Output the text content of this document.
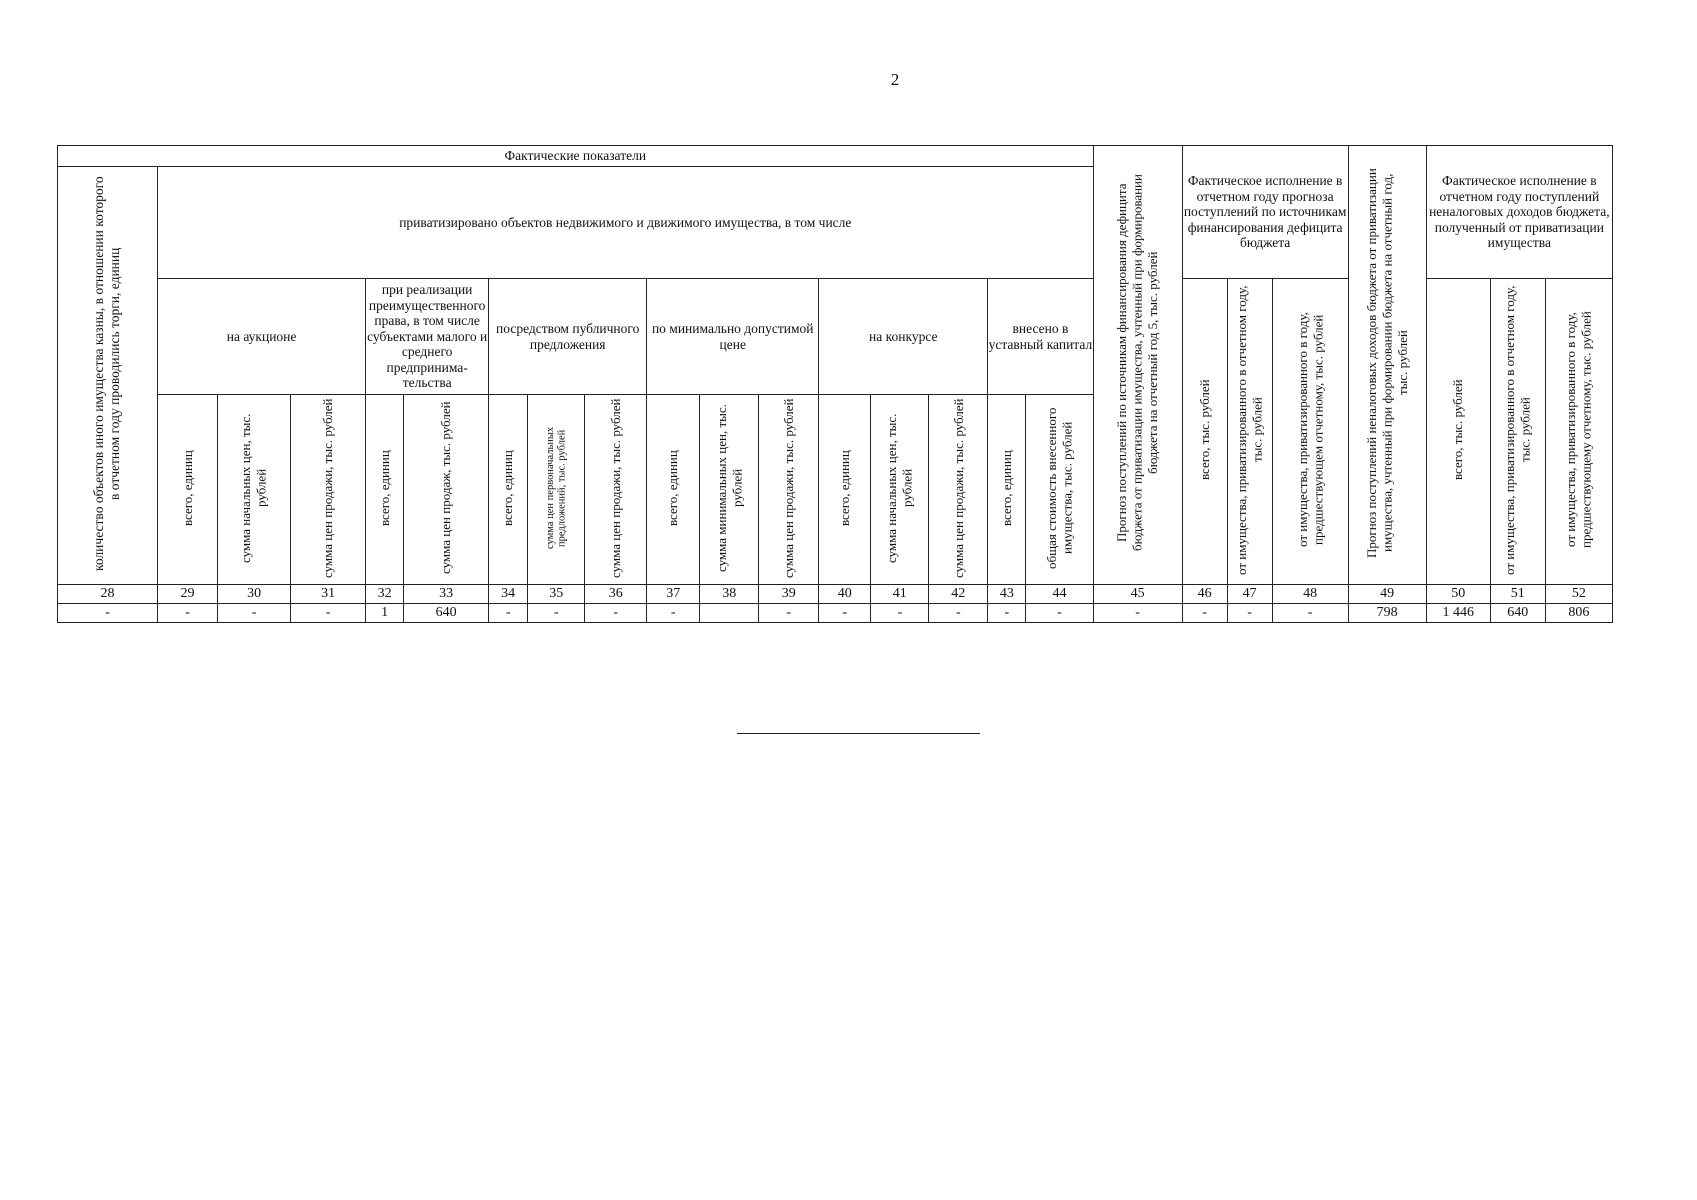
2
Фактические показатели																	Прогноз поступлений по источникам финансирования дефицита бюджета от приватизации имущества, учтенный при формировании бюджета на отчетный год 5, тыс. рублей	Фактическое исполнение в отчетном году прогноза поступлений по источникам финансирования дефицита бюджета			Прогноз поступлений неналоговых доходов бюджета от приватизации имущества, учтенный при формировании бюджета на отчетный год, тыс. рублей	Фактическое исполнение в отчетном году поступлений неналоговых доходов бюджета, полученный от приватизации имущества		
количество объектов иного имущества казны, в отношении которого в отчетном году проводились торги, единиц	приватизировано объектов недвижимого и движимого имущества, в том числе																							
	на аукционе			при реализации преимущественного права, в том числе субъектами малого и среднего предпринима-тельства		посредством публичного предложения			по минимально допустимой цене			на конкурсе			внесено в уставный капитал			всего, тыс. рублей	от имущества, приватизированного в отчетном году, тыс. рублей	от имущества, приватизированного в году, предшествующем отчетному, тыс. рублей		всего, тыс. рублей	от имущества, приватизированного в отчетном году, тыс. рублей	от имущества, приватизированного в году, предшествующему отчетному, тыс. рублей
	всего, единиц	сумма начальных цен, тыс. рублей	сумма цен продажи, тыс. рублей	всего, единиц	сумма цен продаж, тыс. рублей	всего, единиц	сумма цен первоначальных предложений, тыс. рублей	сумма цен продажи, тыс. рублей	всего, единиц	сумма минимальных цен, тыс. рублей	сумма цен продажи, тыс. рублей	всего, единиц	сумма начальных цен, тыс. рублей	сумма цен продажи, тыс. рублей	всего, единиц	общая стоимость внесенного имущества, тыс. рублей								
28	29	30	31	32	33	34	35	36	37	38	39	40	41	42	43	44	45	46	47	48	49	50	51	52
-	-	-	-	1	640	-	-	-	-		-	-	-	-	-	-	-	-	-	-	798	1 446	640	806
